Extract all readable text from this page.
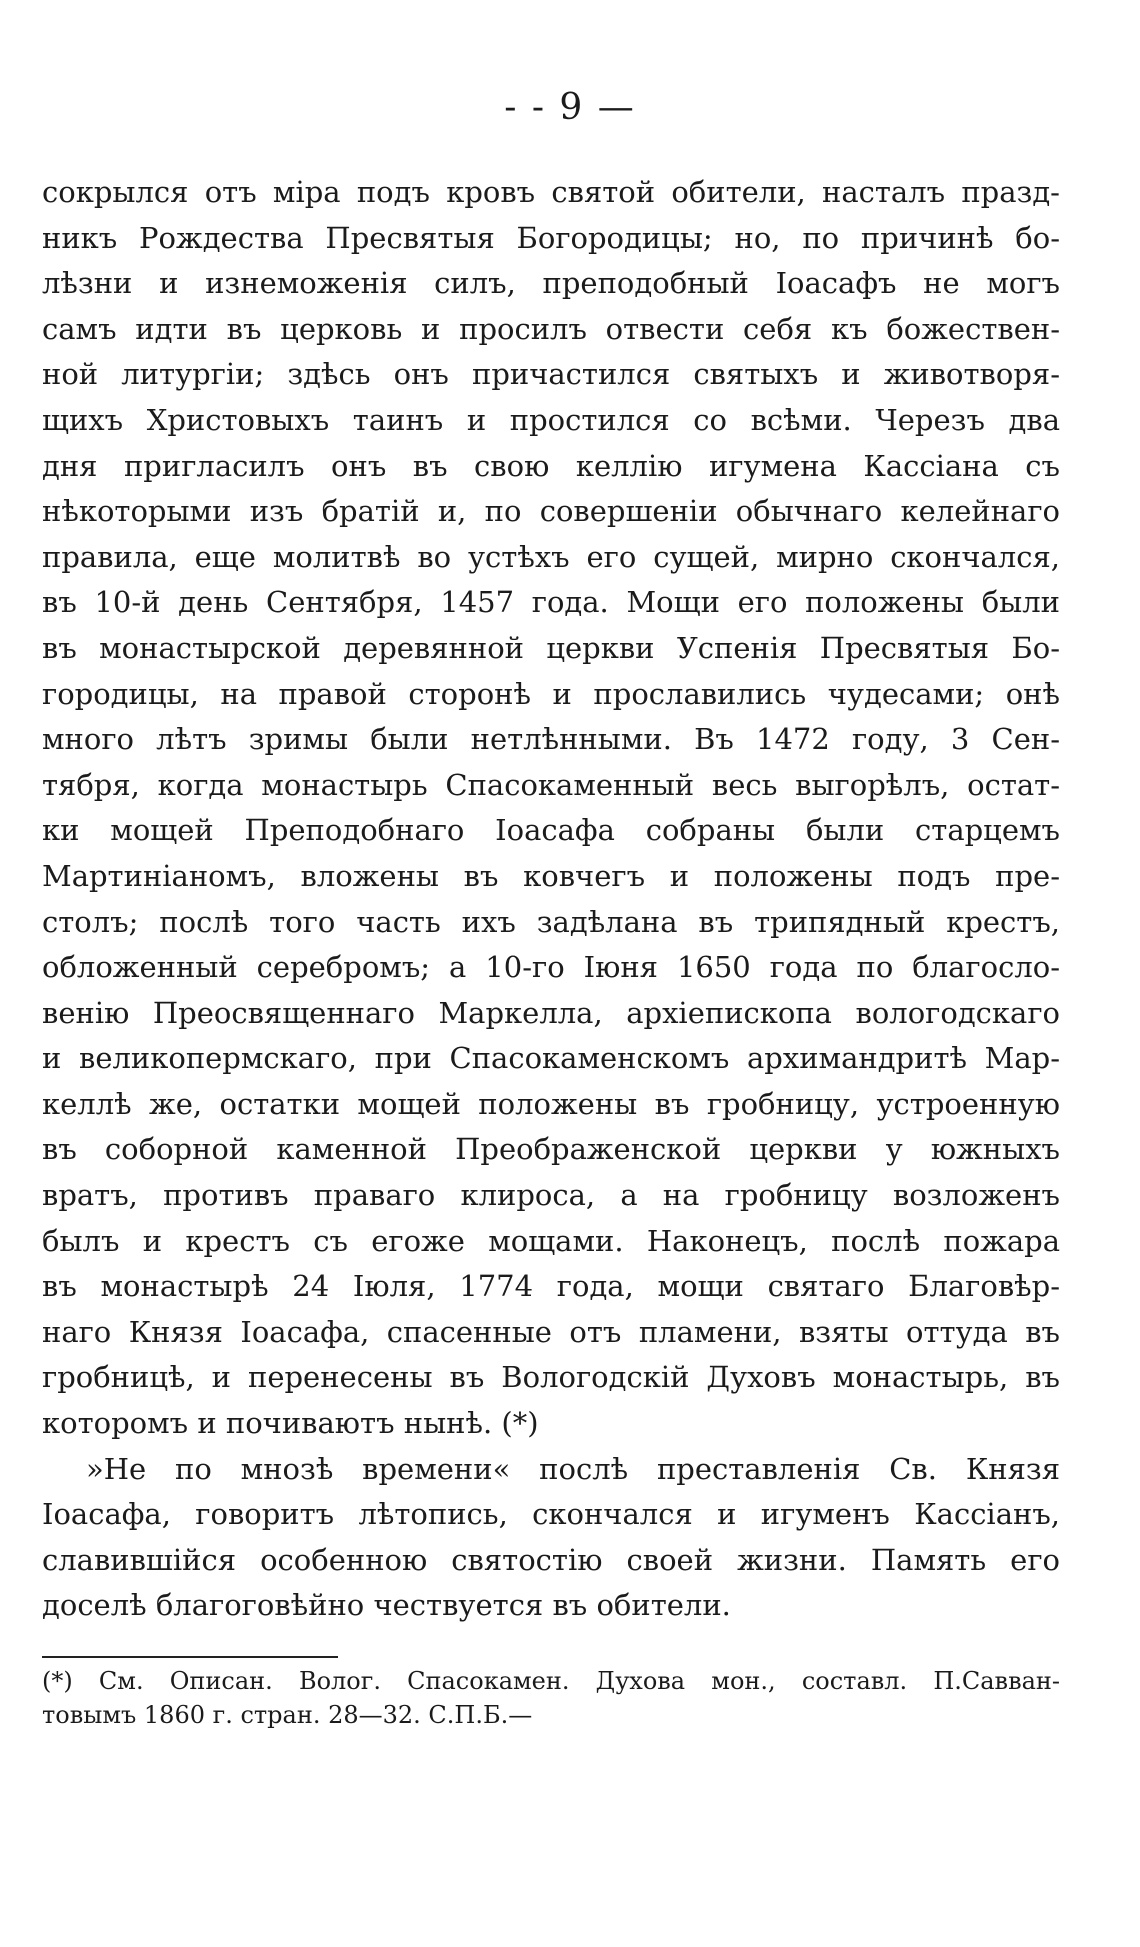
- - 9 —
сокрылся отъ міра подъ кровъ святой обители, насталъ празд-
никъ Рождества Пресвятыя Богородицы; но, по причинѣ бо-
лѣзни и изнеможенія силъ, преподобный Іоасафъ не могъ
самъ идти въ церковь и просилъ отвести себя къ божествен-
ной литургіи; здѣсь онъ причастился святыхъ и животворя-
щихъ Христовыхъ таинъ и простился со всѣми. Черезъ два
дня пригласилъ онъ въ свою келлію игумена Кассіана съ
нѣкоторыми изъ братій и, по совершеніи обычнаго келейнаго
правила, еще молитвѣ во устѣхъ его сущей, мирно скончался,
въ 10-й день Сентября, 1457 года. Мощи его положены были
въ монастырской деревянной церкви Успенія Пресвятыя Бо-
городицы, на правой сторонѣ и прославились чудесами; онѣ
много лѣтъ зримы были нетлѣнными. Въ 1472 году, 3 Сен-
тября, когда монастырь Спасокаменный весь выгорѣлъ, остат-
ки мощей Преподобнаго Іоасафа собраны были старцемъ
Мартиніаномъ, вложены въ ковчегъ и положены подъ пре-
столъ; послѣ того часть ихъ задѣлана въ трипядный крестъ,
обложенный серебромъ; а 10-го Іюня 1650 года по благосло-
венію Преосвященнаго Маркелла, архіепископа вологодскаго
и великопермскаго, при Спасокаменскомъ архимандритѣ Мар-
келлѣ же, остатки мощей положены въ гробницу, устроенную
въ соборной каменной Преображенской церкви у южныхъ
вратъ, противъ праваго клироса, а на гробницу возложенъ
былъ и крестъ съ егоже мощами. Наконецъ, послѣ пожара
въ монастырѣ 24 Іюля, 1774 года, мощи святаго Благовѣр-
наго Князя Іоасафа, спасенные отъ пламени, взяты оттуда въ
гробницѣ, и перенесены въ Вологодскій Духовъ монастырь, въ
которомъ и почиваютъ нынѣ. (*)
»Не по мнозѣ времени« послѣ преставленія Св. Князя
Іоасафа, говоритъ лѣтопись, скончался и игуменъ Кассіанъ,
славившійся особенною святостію своей жизни. Память его
доселѣ благоговѣйно чествуется въ обители.
(*) См. Описан. Волог. Спасокамен. Духова мон., составл. П.Савван-
товымъ 1860 г. стран. 28—32. С.П.Б.—
